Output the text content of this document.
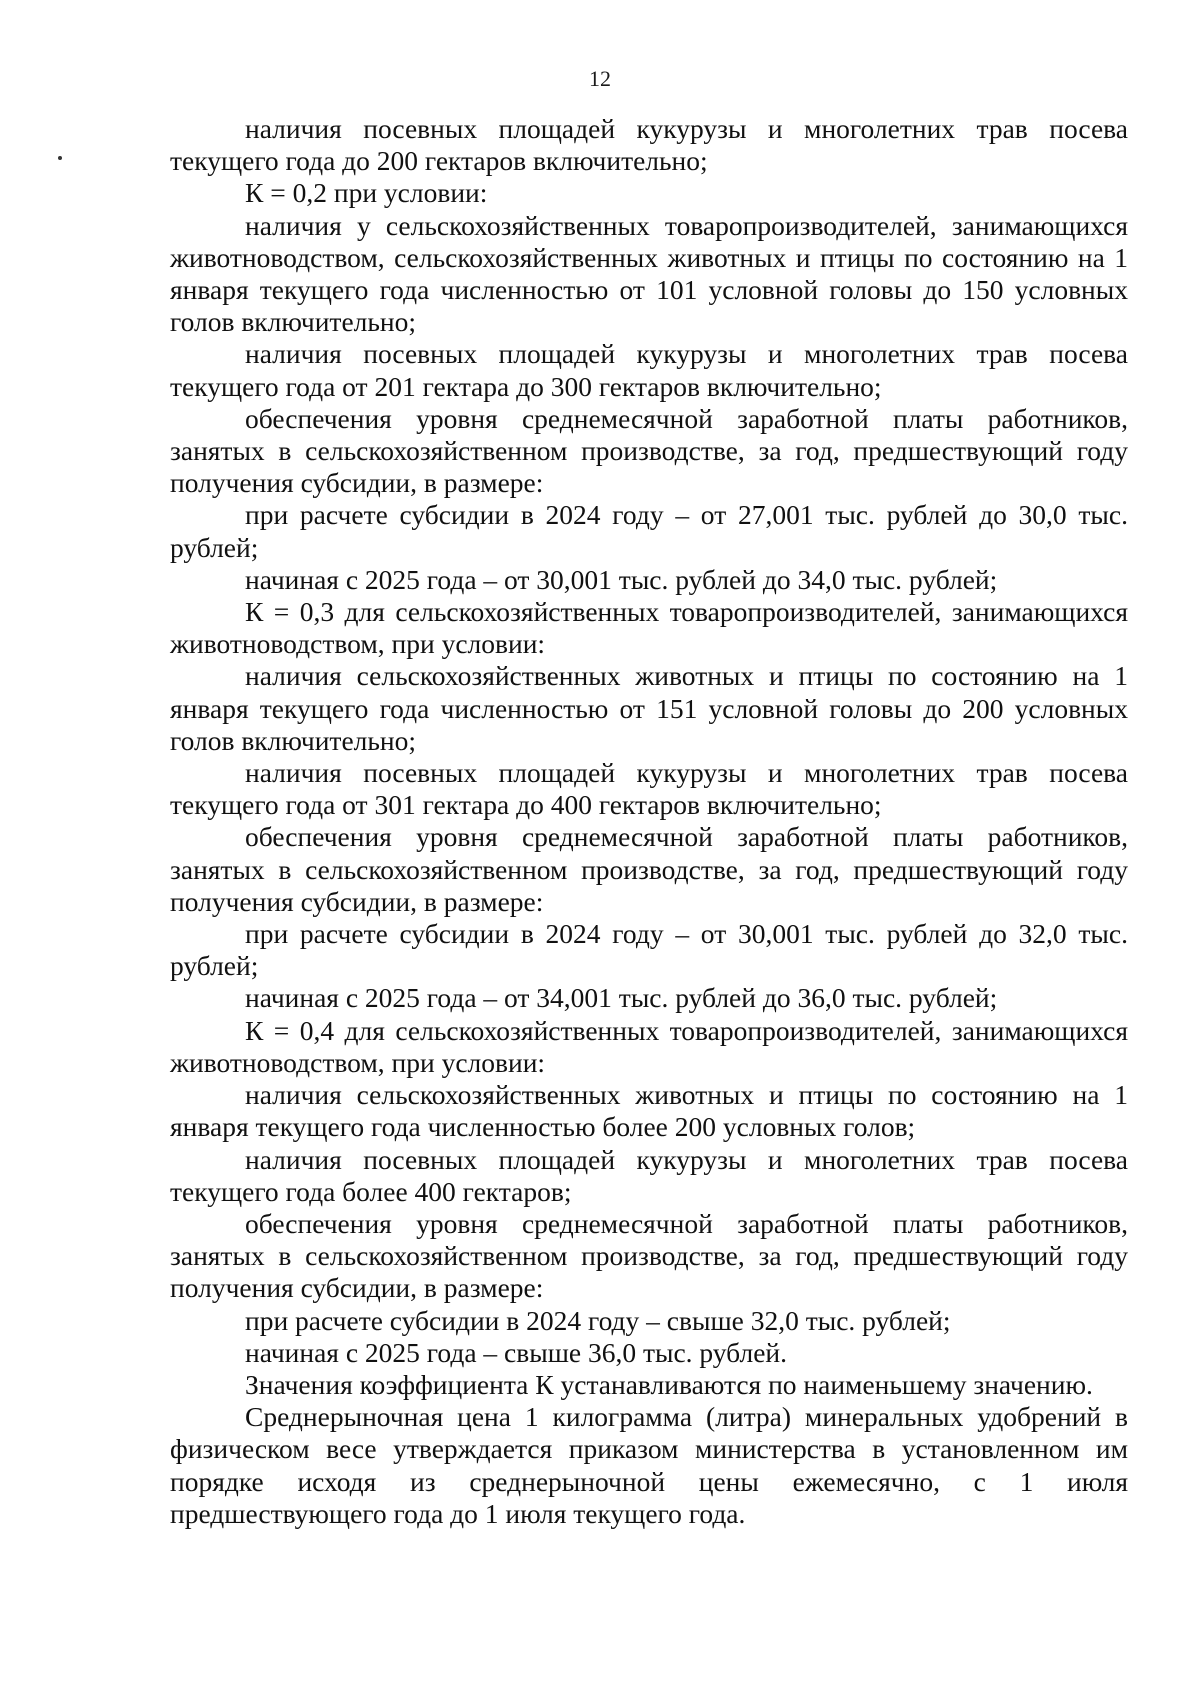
12

наличия посевных площадей кукурузы и многолетних трав посева текущего года до 200 гектаров включительно;

К = 0,2 при условии:

наличия у сельскохозяйственных товаропроизводителей, занимающихся животноводством, сельскохозяйственных животных и птицы по состоянию на 1 января текущего года численностью от 101 условной головы до 150 условных голов включительно;

наличия посевных площадей кукурузы и многолетних трав посева текущего года от 201 гектара до 300 гектаров включительно;

обеспечения уровня среднемесячной заработной платы работников, занятых в сельскохозяйственном производстве, за год, предшествующий году получения субсидии, в размере:

при расчете субсидии в 2024 году – от 27,001 тыс. рублей до 30,0 тыс. рублей;

начиная с 2025 года – от 30,001 тыс. рублей до 34,0 тыс. рублей;

К = 0,3 для сельскохозяйственных товаропроизводителей, занимающихся животноводством, при условии:

наличия сельскохозяйственных животных и птицы по состоянию на 1 января текущего года численностью от 151 условной головы до 200 условных голов включительно;

наличия посевных площадей кукурузы и многолетних трав посева текущего года от 301 гектара до 400 гектаров включительно;

обеспечения уровня среднемесячной заработной платы работников, занятых в сельскохозяйственном производстве, за год, предшествующий году получения субсидии, в размере:

при расчете субсидии в 2024 году – от 30,001 тыс. рублей до 32,0 тыс. рублей;

начиная с 2025 года – от 34,001 тыс. рублей до 36,0 тыс. рублей;

К = 0,4 для сельскохозяйственных товаропроизводителей, занимающихся животноводством, при условии:

наличия сельскохозяйственных животных и птицы по состоянию на 1 января текущего года численностью более 200 условных голов;

наличия посевных площадей кукурузы и многолетних трав посева текущего года более 400 гектаров;

обеспечения уровня среднемесячной заработной платы работников, занятых в сельскохозяйственном производстве, за год, предшествующий году получения субсидии, в размере:

при расчете субсидии в 2024 году – свыше 32,0 тыс. рублей;

начиная с 2025 года – свыше 36,0 тыс. рублей.

Значения коэффициента К устанавливаются по наименьшему значению.

Среднерыночная цена 1 килограмма (литра) минеральных удобрений в физическом весе утверждается приказом министерства в установленном им порядке исходя из среднерыночной цены ежемесячно, с 1 июля предшествующего года до 1 июля текущего года.
